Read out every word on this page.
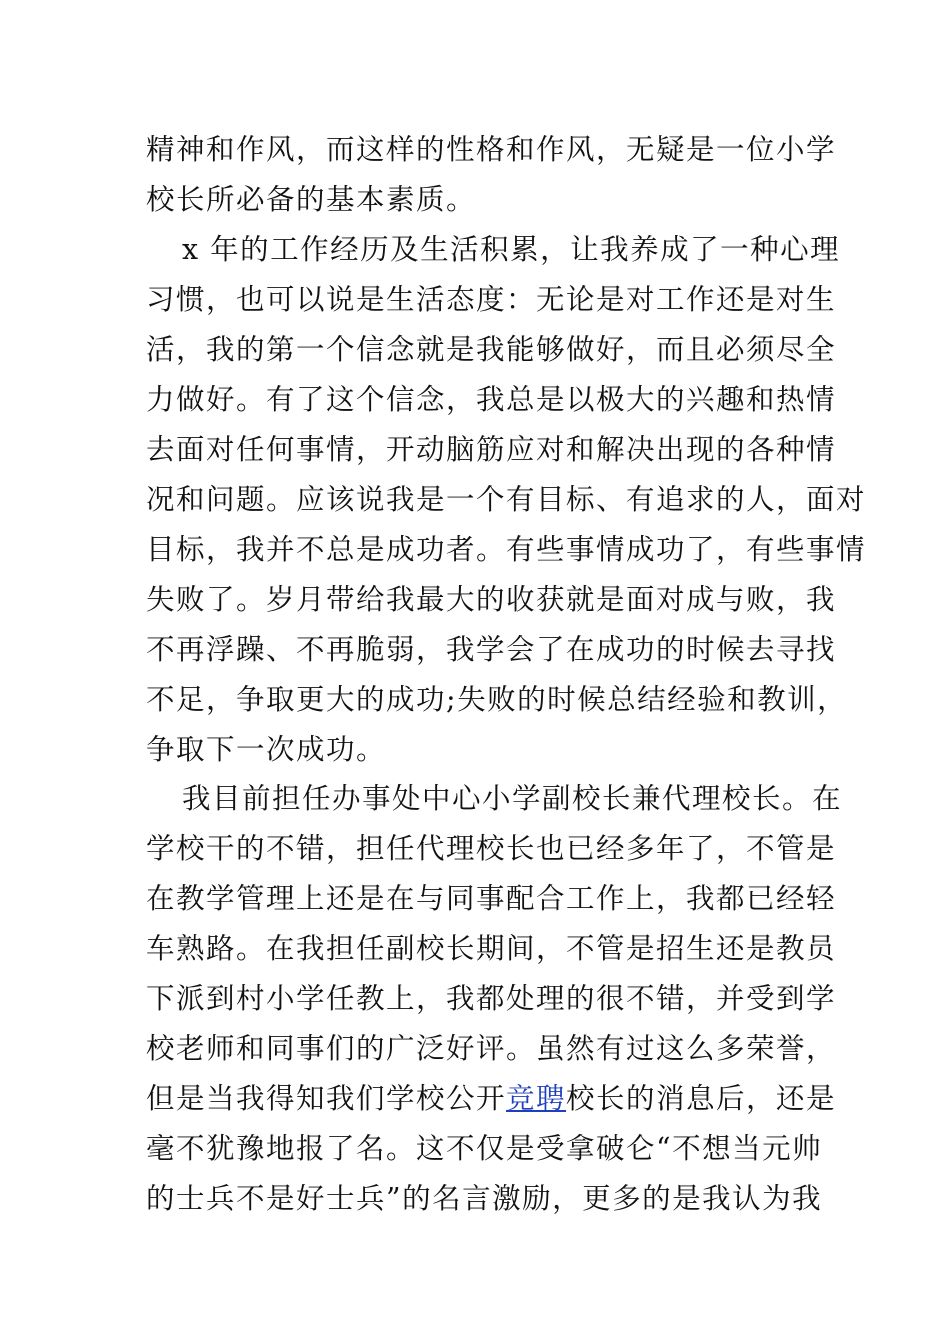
精神和作风，而这样的性格和作风，无疑是一位小学
校长所必备的基本素质。
x 年的工作经历及生活积累，让我养成了一种心理
习惯，也可以说是生活态度：无论是对工作还是对生
活，我的第一个信念就是我能够做好，而且必须尽全
力做好。有了这个信念，我总是以极大的兴趣和热情
去面对任何事情，开动脑筋应对和解决出现的各种情
况和问题。应该说我是一个有目标、有追求的人，面对
目标，我并不总是成功者。有些事情成功了，有些事情
失败了。岁月带给我最大的收获就是面对成与败，我
不再浮躁、不再脆弱，我学会了在成功的时候去寻找
不足，争取更大的成功;失败的时候总结经验和教训，
争取下一次成功。
我目前担任办事处中心小学副校长兼代理校长。在
学校干的不错，担任代理校长也已经多年了，不管是
在教学管理上还是在与同事配合工作上，我都已经轻
车熟路。在我担任副校长期间，不管是招生还是教员
下派到村小学任教上，我都处理的很不错，并受到学
校老师和同事们的广泛好评。虽然有过这么多荣誉，
但是当我得知我们学校公开竞聘校长的消息后，还是
毫不犹豫地报了名。这不仅是受拿破仑“不想当元帅
的士兵不是好士兵”的名言激励，更多的是我认为我
